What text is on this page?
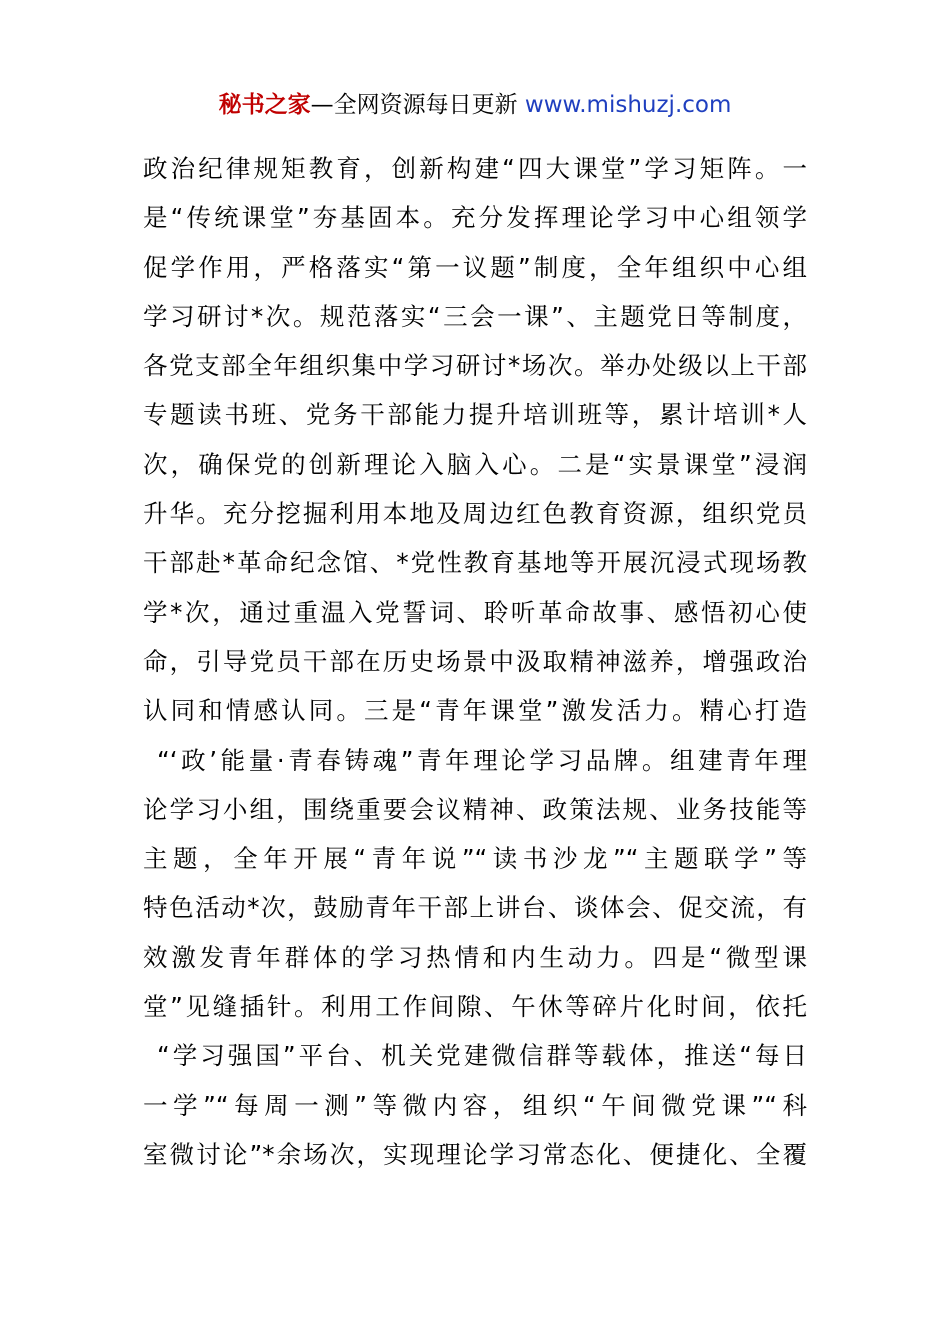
秘书之家—全网资源每日更新 www.mishuzj.com
政治纪律规矩教育，创新构建“四大课堂”学习矩阵。一
是“传统课堂”夯基固本。充分发挥理论学习中心组领学
促学作用，严格落实“第一议题”制度，全年组织中心组
学习研讨*次。规范落实“三会一课”、主题党日等制度，
各党支部全年组织集中学习研讨*场次。举办处级以上干部
专题读书班、党务干部能力提升培训班等，累计培训*人
次，确保党的创新理论入脑入心。二是“实景课堂”浸润
升华。充分挖掘利用本地及周边红色教育资源，组织党员
干部赴*革命纪念馆、*党性教育基地等开展沉浸式现场教
学*次，通过重温入党誓词、聆听革命故事、感悟初心使
命，引导党员干部在历史场景中汲取精神滋养，增强政治
认同和情感认同。三是“青年课堂”激发活力。精心打造
“‘政’能量·青春铸魂”青年理论学习品牌。组建青年理
论学习小组，围绕重要会议精神、政策法规、业务技能等
主题，全年开展“青年说”“读书沙龙”“主题联学”等
特色活动*次，鼓励青年干部上讲台、谈体会、促交流，有
效激发青年群体的学习热情和内生动力。四是“微型课
堂”见缝插针。利用工作间隙、午休等碎片化时间，依托
“学习强国”平台、机关党建微信群等载体，推送“每日
一学”“每周一测”等微内容，组织“午间微党课”“科
室微讨论”*余场次，实现理论学习常态化、便捷化、全覆
